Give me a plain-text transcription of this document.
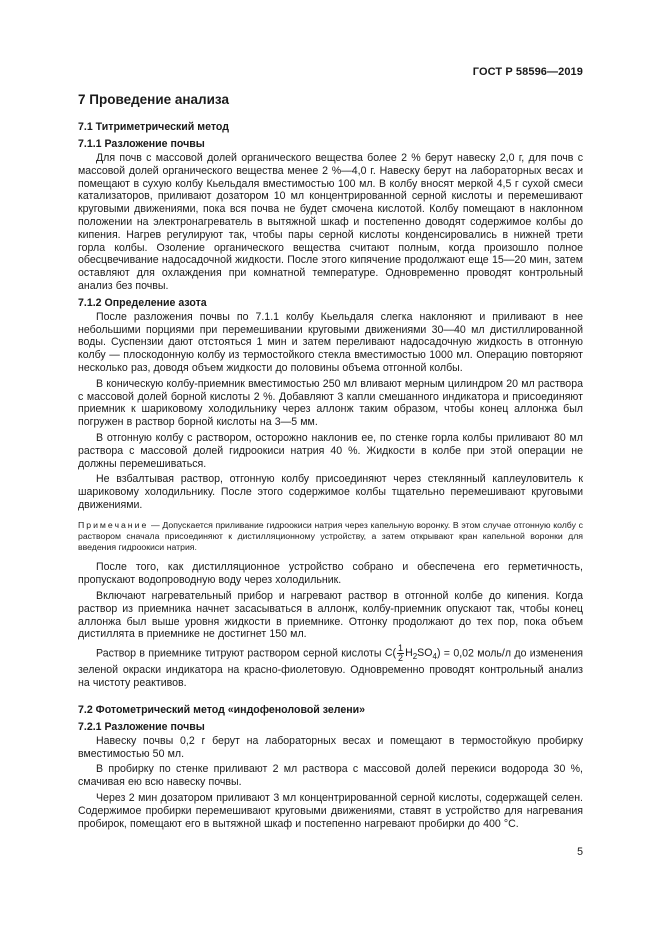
ГОСТ Р 58596—2019
7 Проведение анализа
7.1 Титриметрический метод
7.1.1 Разложение почвы

Для почв с массовой долей органического вещества более 2 % берут навеску 2,0 г, для почв с массовой долей органического вещества менее 2 %—4,0 г. Навеску берут на лабораторных весах и помещают в сухую колбу Кьельдаля вместимостью 100 мл. В колбу вносят меркой 4,5 г сухой смеси катализаторов, приливают дозатором 10 мл концентрированной серной кислоты и перемешивают круговыми движениями, пока вся почва не будет смочена кислотой. Колбу помещают в наклонном положении на электронагреватель в вытяжной шкаф и постепенно доводят содержимое колбы до кипения. Нагрев регулируют так, чтобы пары серной кислоты конденсировались в нижней трети горла колбы. Озоление органического вещества считают полным, когда произошло полное обесцвечивание надосадочной жидкости. После этого кипячение продолжают еще 15—20 мин, затем оставляют для охлаждения при комнатной температуре. Одновременно проводят контрольный анализ без почвы.

7.1.2 Определение азота

После разложения почвы по 7.1.1 колбу Кьельдаля слегка наклоняют и приливают в нее небольшими порциями при перемешивании круговыми движениями 30—40 мл дистиллированной воды. Суспензии дают отстояться 1 мин и затем переливают надосадочную жидкость в отгонную колбу — плоскодонную колбу из термостойкого стекла вместимостью 1000 мл. Операцию повторяют несколько раз, доводя объем жидкости до половины объема отгонной колбы.

В коническую колбу-приемник вместимостью 250 мл вливают мерным цилиндром 20 мл раствора с массовой долей борной кислоты 2 %. Добавляют 3 капли смешанного индикатора и присоединяют приемник к шариковому холодильнику через аллонж таким образом, чтобы конец аллонжа был погружен в раствор борной кислоты на 3—5 мм.

В отгонную колбу с раствором, осторожно наклонив ее, по стенке горла колбы приливают 80 мл раствора с массовой долей гидроокиси натрия 40 %. Жидкости в колбе при этой операции не должны перемешиваться.

Не взбалтывая раствор, отгонную колбу присоединяют через стеклянный каплеуловитель к шариковому холодильнику. После этого содержимое колбы тщательно перемешивают круговыми движениями.

Примечание — Допускается приливание гидроокиси натрия через капельную воронку. В этом случае отгонную колбу с раствором сначала присоединяют к дистилляционному устройству, а затем открывают кран капельной воронки для введения гидроокиси натрия.

После того, как дистилляционное устройство собрано и обеспечена его герметичность, пропускают водопроводную воду через холодильник.

Включают нагревательный прибор и нагревают раствор в отгонной колбе до кипения. Когда раствор из приемника начнет засасываться в аллонж, колбу-приемник опускают так, чтобы конец аллонжа был выше уровня жидкости в приемнике. Отгонку продолжают до тех пор, пока объем дистиллята в приемнике не достигнет 150 мл.

Раствор в приемнике титруют раствором серной кислоты $C( \frac{1}{2} H_2SO_4) = 0,02$ моль/л до изменения зеленой окраски индикатора на красно-фиолетовую. Одновременно проводят контрольный анализ на чистоту реактивов.

7.2 Фотометрический метод «индофеноловой зелени»
7.2.1 Разложение почвы

Навеску почвы 0,2 г берут на лабораторных весах и помещают в термостойкую пробирку вместимостью 50 мл.

В пробирку по стенке приливают 2 мл раствора с массовой долей перекиси водорода 30 %, смачивая ею всю навеску почвы.

Через 2 мин дозатором приливают 3 мл концентрированной серной кислоты, содержащей селен. Содержимое пробирки перемешивают круговыми движениями, ставят в устройство для нагревания пробирок, помещают его в вытяжной шкаф и постепенно нагревают пробирки до 400 °С.

5
